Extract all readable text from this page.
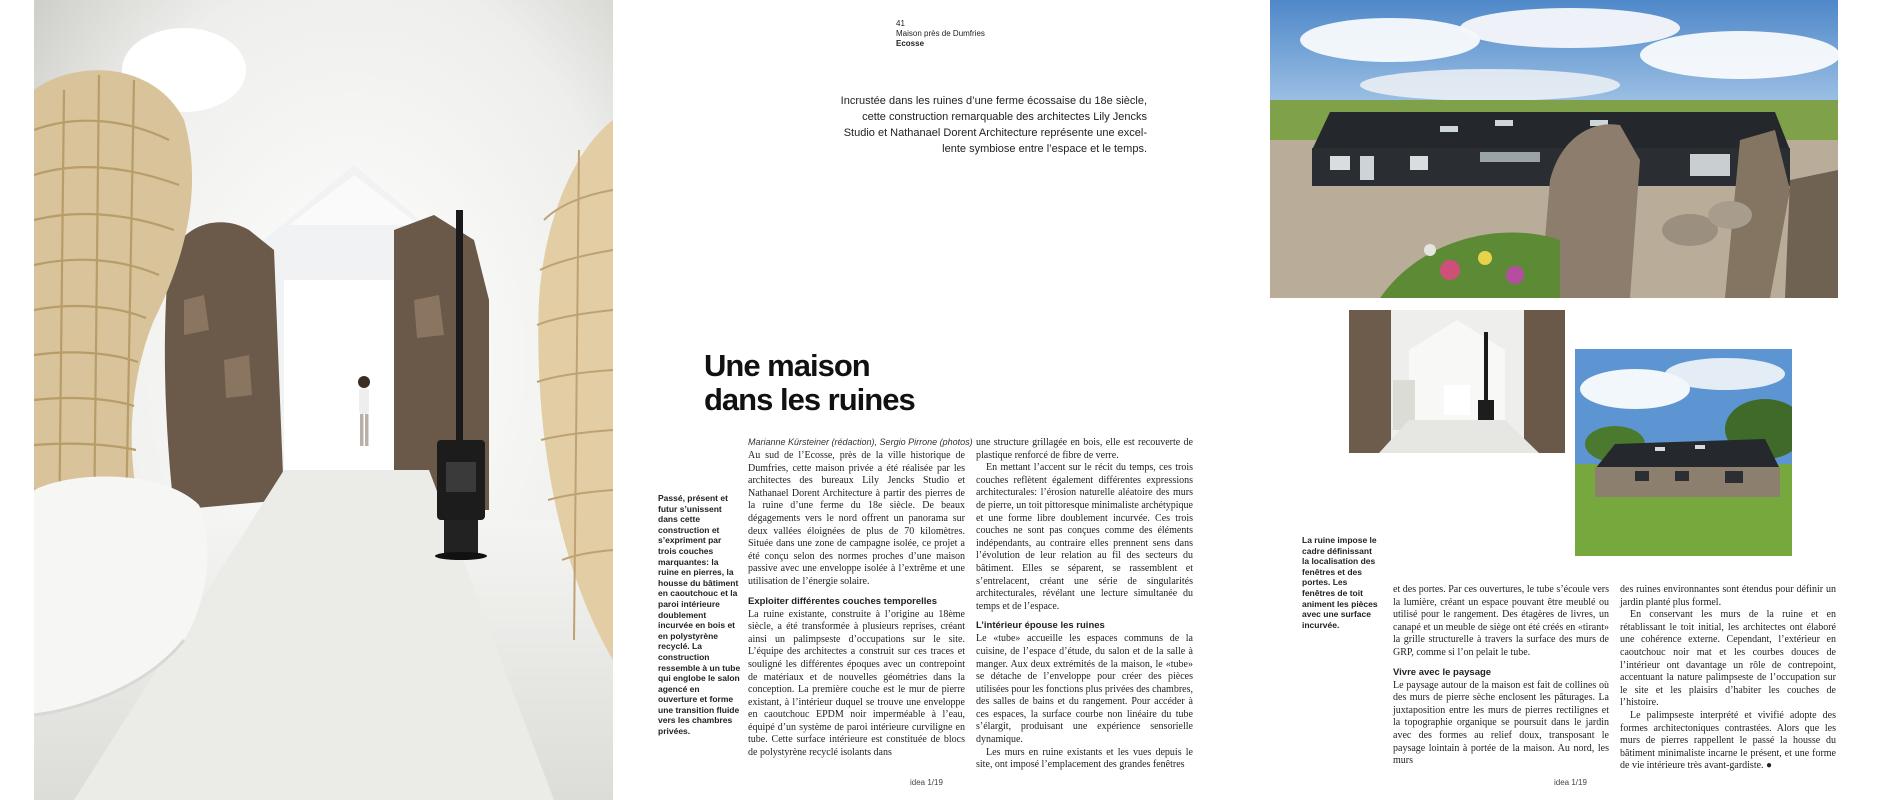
Passé, présent et futur s’unissent dans cette construction et s’expriment par trois couches marquantes: la ruine en pierres, la housse du bâtiment en caoutchouc et la paroi intérieure doublement incurvée en bois et en polystyrène recyclé. La construction ressemble à un tube qui englobe le salon agencé en ouverture et forme une transition fluide vers les chambres privées.
41
Maison près de Dumfries
Ecosse
Incrustée dans les ruines d’une ferme écossaise du 18e siècle,
cette construction remarquable des architectes Lily Jencks
Studio et Nathanael Dorent Architecture représente une excel-
lente symbiose entre l’espace et le temps.
Une maison
dans les ruines
Marianne Kürsteiner (rédaction), Sergio Pirrone (photos)

Au sud de l’Ecosse, près de la ville historique de Dumfries, cette maison privée a été réalisée par les architectes des bureaux Lily Jencks Studio et Nathanael Dorent Architecture à partir des pierres de la ruine d’une ferme du 18e siècle. De beaux dégagements vers le nord offrent un panorama sur deux vallées éloignées de plus de 70 kilomètres. Située dans une zone de campagne isolée, ce projet a été conçu selon des normes proches d’une maison passive avec une enveloppe isolée à l’extrême et une utilisation de l’énergie solaire.

Exploiter différentes couches temporelles

La ruine existante, construite à l’origine au 18ème siècle, a été transformée à plusieurs reprises, créant ainsi un palimpseste d’occupations sur le site. L’équipe des architectes a construit sur ces traces et souligné les différentes époques avec un contrepoint de matériaux et de nouvelles géométries dans la conception. La première couche est le mur de pierre existant, à l’intérieur duquel se trouve une enveloppe en caoutchouc EPDM noir imperméable à l’eau, équipé d’un système de paroi intérieure curviligne en tube. Cette surface intérieure est constituée de blocs de polystyrène recyclé isolants dans

une structure grillagée en bois, elle est recouverte de plastique renforcé de fibre de verre.

En mettant l’accent sur le récit du temps, ces trois couches reflètent également différentes expressions architecturales: l’érosion naturelle aléatoire des murs de pierre, un toit pittoresque minimaliste archétypique et une forme libre doublement incurvée. Ces trois couches ne sont pas conçues comme des éléments indépendants, au contraire elles prennent sens dans l’évolution de leur relation au fil des secteurs du bâtiment. Elles se séparent, se rassemblent et s’entrelacent, créant une série de singularités architecturales, révélant une lecture simultanée du temps et de l’espace.

L’intérieur épouse les ruines

Le «tube» accueille les espaces communs de la cuisine, de l’espace d’étude, du salon et de la salle à manger. Aux deux extrémités de la maison, le «tube» se détache de l’enveloppe pour créer des pièces utilisées pour les fonctions plus privées des chambres, des salles de bains et du rangement. Pour accéder à ces espaces, la surface courbe non linéaire du tube s’élargit, produisant une expérience sensorielle dynamique.

Les murs en ruine existants et les vues depuis le site, ont imposé l’emplacement des grandes fenêtres

idea 1/19
La ruine impose le cadre définissant la localisation des fenêtres et des portes. Les fenêtres de toit animent les pièces avec une surface incurvée.

et des portes. Par ces ouvertures, le tube s’écoule vers la lumière, créant un espace pouvant être meublé ou utilisé pour le rangement. Des étagères de livres, un canapé et un meuble de siège ont été créés en «tirant» la grille structurelle à travers la surface des murs de GRP, comme si l’on pelait le tube.

Vivre avec le paysage

Le paysage autour de la maison est fait de collines où des murs de pierre sèche enclosent les pâturages. La juxtaposition entre les murs de pierres rectilignes et la topographie organique se poursuit dans le jardin avec des formes au relief doux, transposant le paysage lointain à portée de la maison. Au nord, les murs

des ruines environnantes sont étendus pour définir un jardin planté plus formel.

En conservant les murs de la ruine et en rétablissant le toit initial, les architectes ont élaboré une cohérence externe. Cependant, l’extérieur en caoutchouc noir mat et les courbes douces de l’intérieur ont davantage un rôle de contrepoint, accentuant la nature palimpseste de l’occupation sur le site et les plaisirs d’habiter les couches de l’histoire.

Le palimpseste interprété et vivifié adopte des formes architectoniques contrastées. Alors que les murs de pierres rappellent le passé la housse du bâtiment minimaliste incarne le présent, et une forme de vie intérieure très avant-gardiste. ●

idea 1/19
